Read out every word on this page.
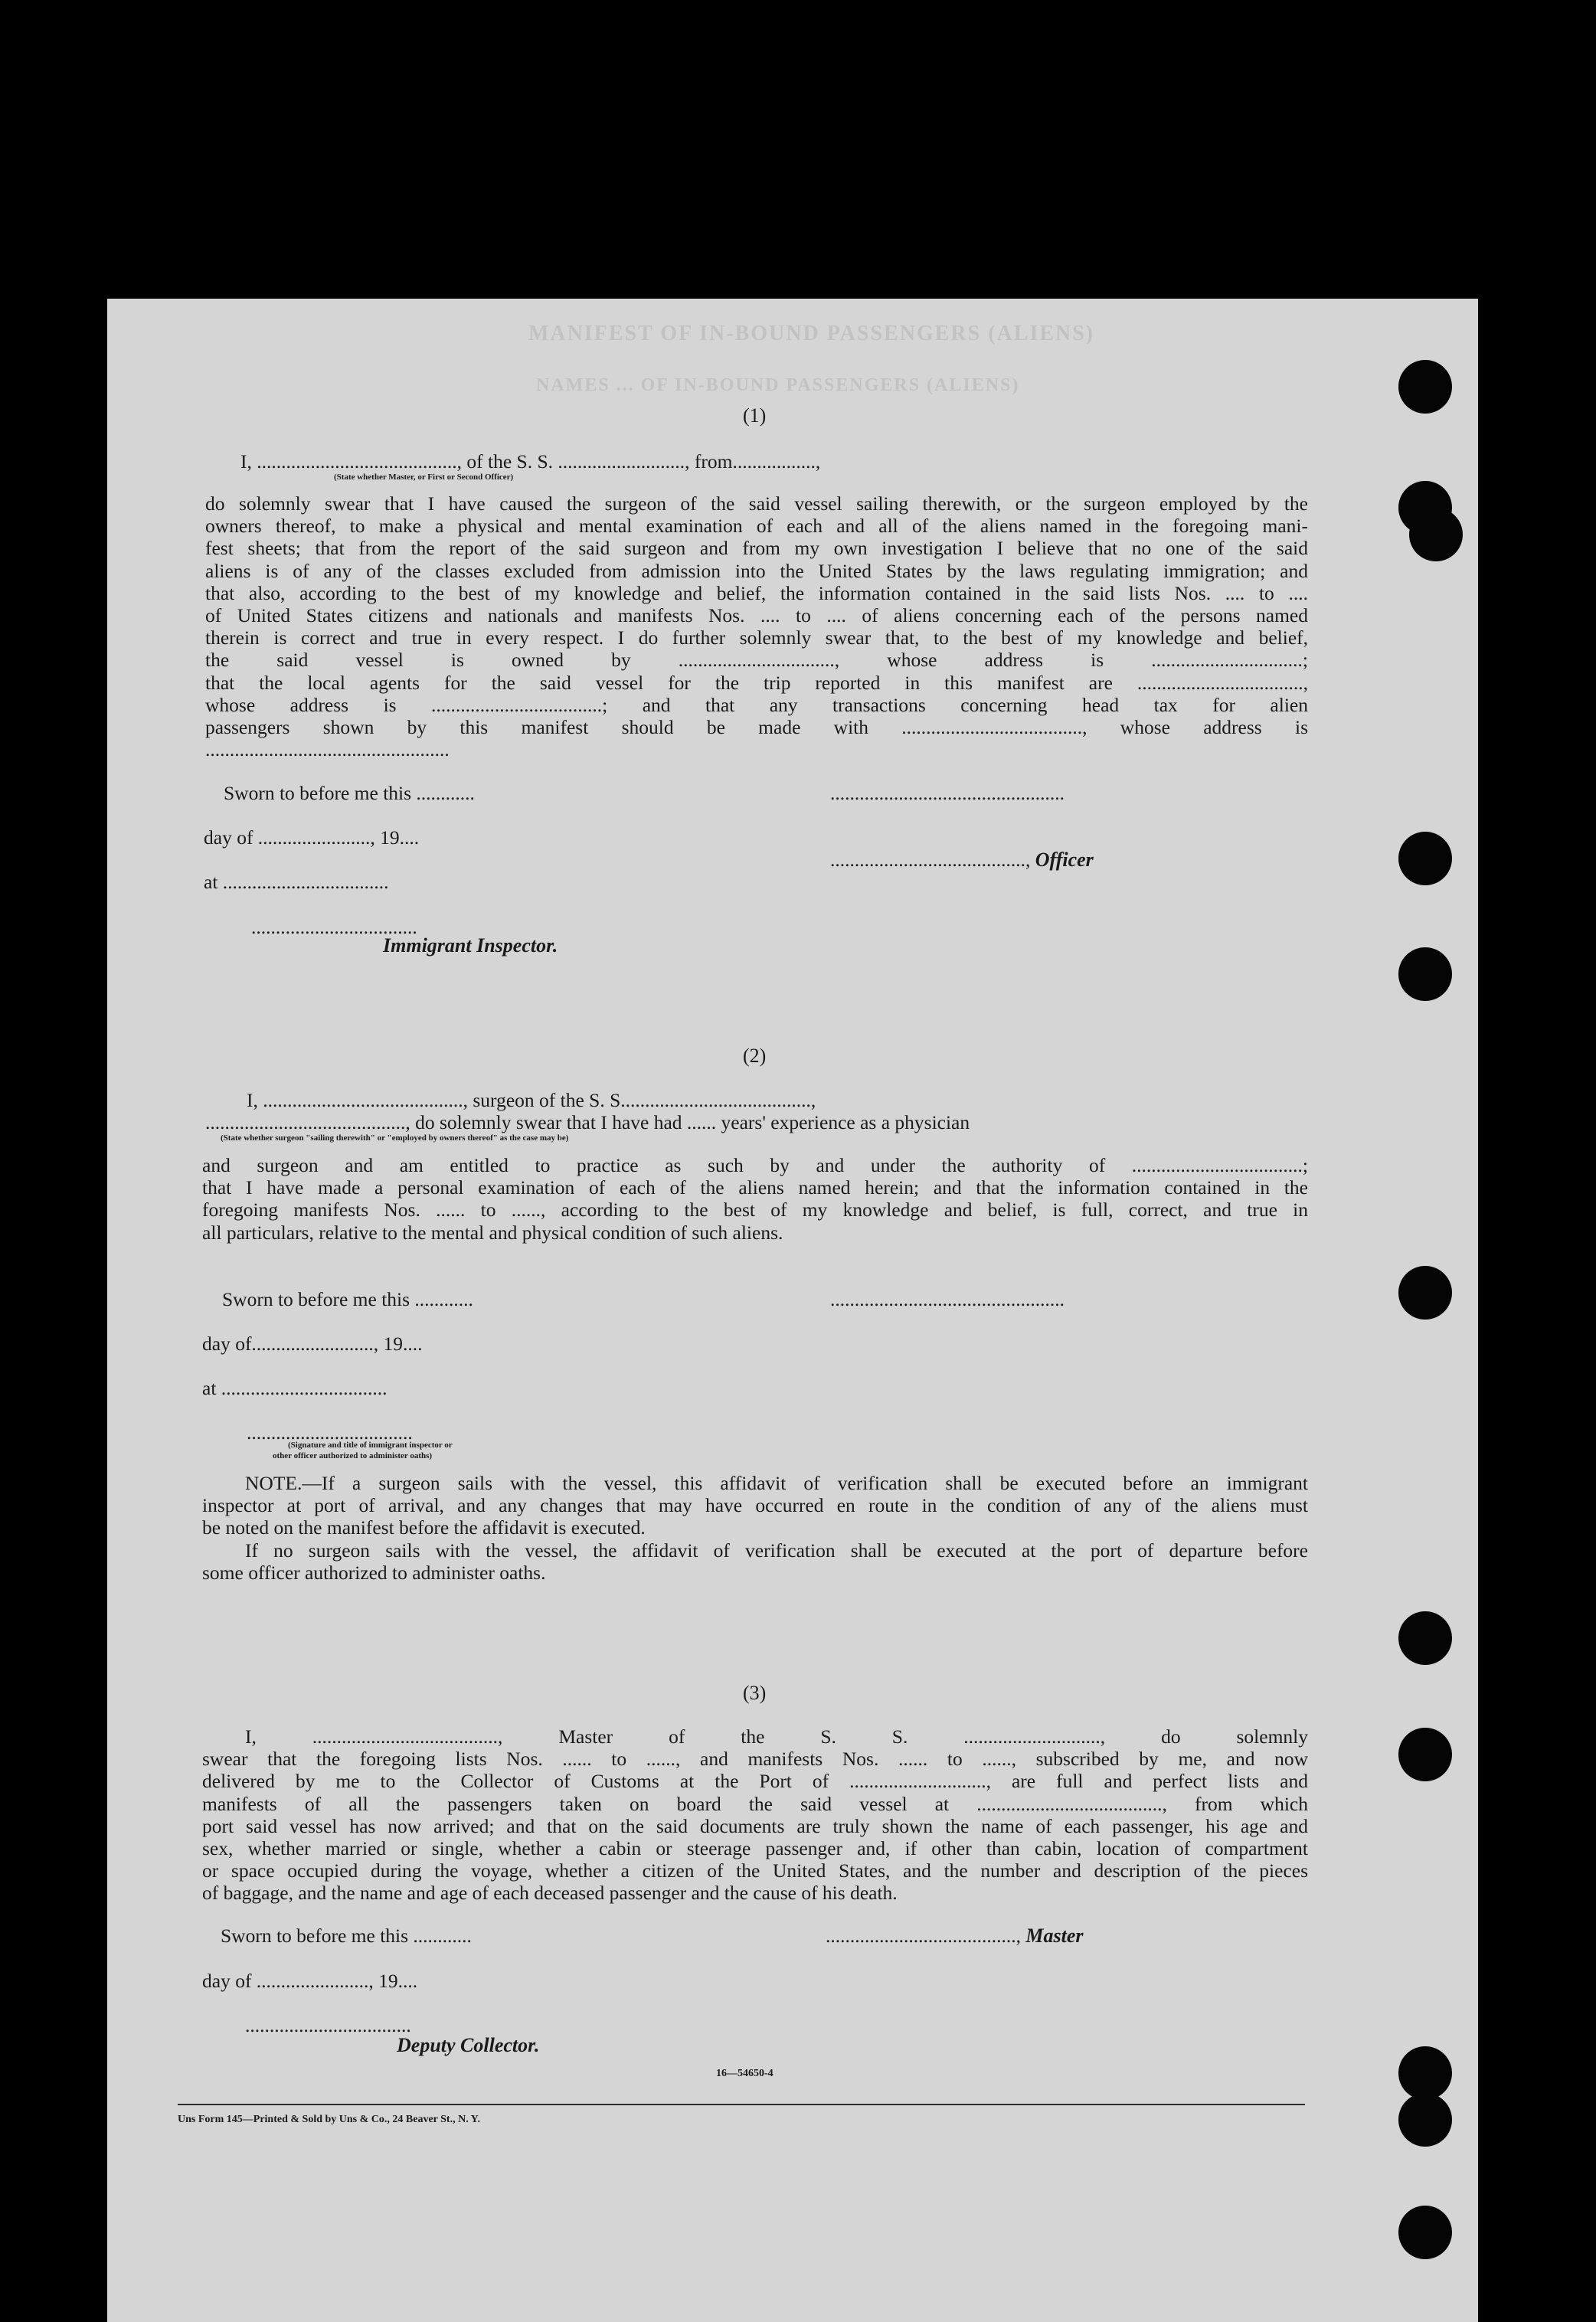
MANIFEST OF IN-BOUND PASSENGERS (ALIENS)
NAMES ... OF IN-BOUND PASSENGERS (ALIENS)
(1)
I, ........................................., of the S. S. .........................., from.................,
(State whether Master, or First or Second Officer)
do solemnly swear that I have caused the surgeon of the said vessel sailing therewith, or the surgeon employed by the
owners thereof, to make a physical and mental examination of each and all of the aliens named in the foregoing mani-
fest sheets; that from the report of the said surgeon and from my own investigation I believe that no one of the said
aliens is of any of the classes excluded from admission into the United States by the laws regulating immigration; and
that also, according to the best of my knowledge and belief, the information contained in the said lists Nos. .... to ....
of United States citizens and nationals and manifests Nos. .... to .... of aliens concerning each of the persons named
therein is correct and true in every respect. I do further solemnly swear that, to the best of my knowledge and belief,
the said vessel is owned by ................................, whose address is ...............................;
that the local agents for the said vessel for the trip reported in this manifest are ..................................,
whose address is ...................................; and that any transactions concerning head tax for alien
passengers shown by this manifest should be made with ....................................., whose address is
..................................................
Sworn to before me this ............	................................................
day of ......................., 19....
........................................, Officer
at ..................................
..................................
Immigrant Inspector.
(2)
I, ........................................., surgeon of the S. S.......................................,
........................................., do solemnly swear that I have had ...... years' experience as a physician
(State whether surgeon "sailing therewith" or "employed by owners thereof" as the case may be)
and surgeon and am entitled to practice as such by and under the authority of ...................................;
that I have made a personal examination of each of the aliens named herein; and that the information contained in the
foregoing manifests Nos. ...... to ......, according to the best of my knowledge and belief, is full, correct, and true in
all particulars, relative to the mental and physical condition of such aliens.
Sworn to before me this ............	................................................
day of........................., 19....
at ..................................
..................................
(Signature and title of immigrant inspector or
other officer authorized to administer oaths)
NOTE.—If a surgeon sails with the vessel, this affidavit of verification shall be executed before an immigrant
inspector at port of arrival, and any changes that may have occurred en route in the condition of any of the aliens must
be noted on the manifest before the affidavit is executed.
If no surgeon sails with the vessel, the affidavit of verification shall be executed at the port of departure before
some officer authorized to administer oaths.
(3)
I, ......................................, Master of the S. S. ............................, do solemnly
swear that the foregoing lists Nos. ...... to ......, and manifests Nos. ...... to ......, subscribed by me, and now
delivered by me to the Collector of Customs at the Port of ............................, are full and perfect lists and
manifests of all the passengers taken on board the said vessel at ......................................, from which
port said vessel has now arrived; and that on the said documents are truly shown the name of each passenger, his age and
sex, whether married or single, whether a cabin or steerage passenger and, if other than cabin, location of compartment
or space occupied during the voyage, whether a citizen of the United States, and the number and description of the pieces
of baggage, and the name and age of each deceased passenger and the cause of his death.
Sworn to before me this ............	......................................., Master
day of ......................., 19....
..................................
Deputy Collector.
16—54650-4
Uns Form 145—Printed & Sold by Uns & Co., 24 Beaver St., N. Y.
